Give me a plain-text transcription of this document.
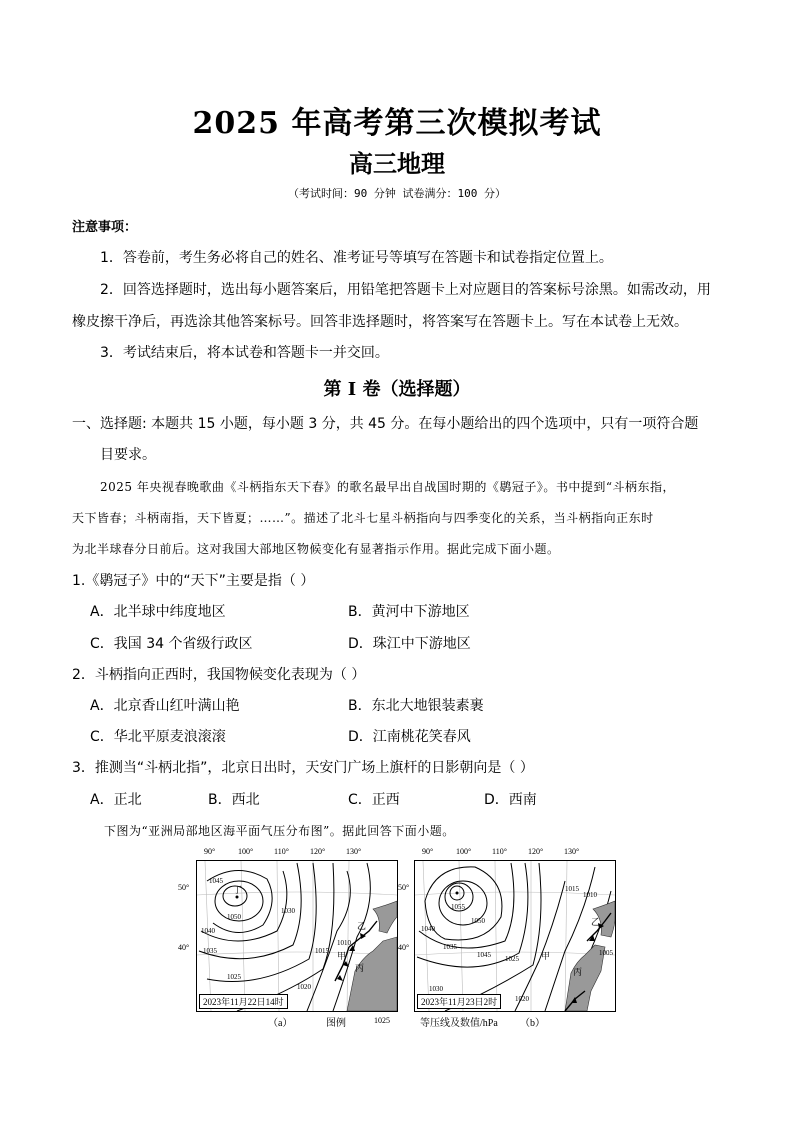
2025 年高考第三次模拟考试
高三地理
（考试时间：90 分钟 试卷满分：100 分）
注意事项：
1．答卷前，考生务必将自己的姓名、准考证号等填写在答题卡和试卷指定位置上。
2．回答选择题时，选出每小题答案后，用铅笔把答题卡上对应题目的答案标号涂黑。如需改动，用
橡皮擦干净后，再选涂其他答案标号。回答非选择题时，将答案写在答题卡上。写在本试卷上无效。
3．考试结束后，将本试卷和答题卡一并交回。
第 I 卷（选择题）
一、选择题: 本题共 15 小题，每小题 3 分，共 45 分。在每小题给出的四个选项中，只有一项符合题
目要求。
2025 年央视春晚歌曲《斗柄指东天下春》的歌名最早出自战国时期的《鹖冠子》。书中提到“斗柄东指，
天下皆春；斗柄南指，天下皆夏；……”。描述了北斗七星斗柄指向与四季变化的关系，当斗柄指向正东时
为北半球春分日前后。这对我国大部地区物候变化有显著指示作用。据此完成下面小题。
1.《鹖冠子》中的“天下”主要是指（ ）
A．北半球中纬度地区	B．黄河中下游地区
C．我国 34 个省级行政区	D．珠江中下游地区
2．斗柄指向正西时，我国物候变化表现为（ ）
A．北京香山红叶满山艳	B．东北大地银装素裹
C．华北平原麦浪滚滚	D．江南桃花笑春风
3．推测当“斗柄北指”，北京日出时，天安门广场上旗杆的日影朝向是（ ）
A．正北	B．西北	C．正西	D．西南
下图为“亚洲局部地区海平面气压分布图”。据此回答下面小题。
90°	100°	110°	120°	130°	90°	100°	110°	120°	130°
50°
40°
50°
40°
1045
1050
1040
1035
1030
1025
1015
1010
1020
丁
乙
甲
丙
2023年11月22日14时
1055
1050
1045
1040
1035
1030
1025
1020
1015
1010
1005
乙
甲
丙
2023年11月23日2时
（a）	图例	1025	等压线及数值/hPa （b）
